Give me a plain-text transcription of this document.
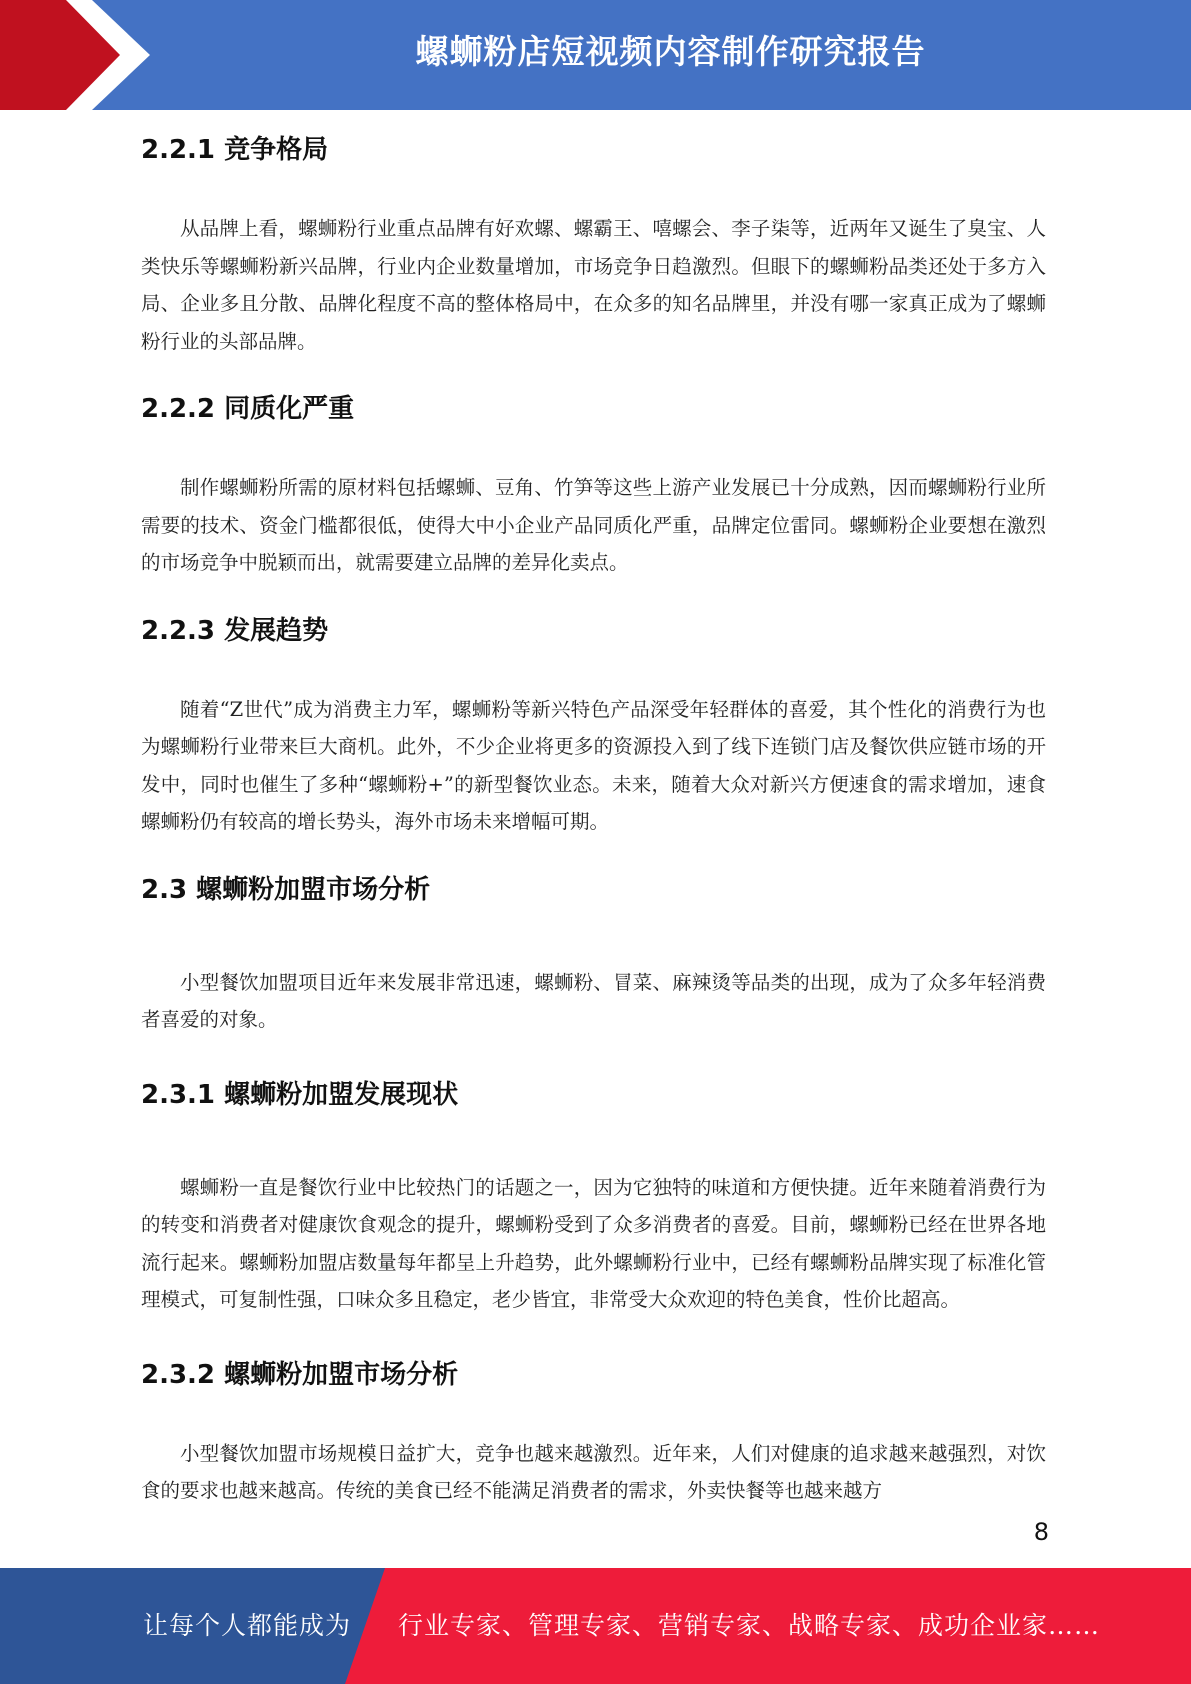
螺蛳粉店短视频内容制作研究报告
2.2.1 竞争格局

从品牌上看，螺蛳粉行业重点品牌有好欢螺、螺霸王、嘻螺会、李子柒等，近两年又诞生了臭宝、人类快乐等螺蛳粉新兴品牌，行业内企业数量增加，市场竞争日趋激烈。但眼下的螺蛳粉品类还处于多方入局、企业多且分散、品牌化程度不高的整体格局中，在众多的知名品牌里，并没有哪一家真正成为了螺蛳粉行业的头部品牌。

2.2.2 同质化严重

制作螺蛳粉所需的原材料包括螺蛳、豆角、竹笋等这些上游产业发展已十分成熟，因而螺蛳粉行业所需要的技术、资金门槛都很低，使得大中小企业产品同质化严重，品牌定位雷同。螺蛳粉企业要想在激烈的市场竞争中脱颖而出，就需要建立品牌的差异化卖点。

2.2.3 发展趋势

随着“Z世代”成为消费主力军，螺蛳粉等新兴特色产品深受年轻群体的喜爱，其个性化的消费行为也为螺蛳粉行业带来巨大商机。此外，不少企业将更多的资源投入到了线下连锁门店及餐饮供应链市场的开发中，同时也催生了多种“螺蛳粉+”的新型餐饮业态。未来，随着大众对新兴方便速食的需求增加，速食螺蛳粉仍有较高的增长势头，海外市场未来增幅可期。

2.3 螺蛳粉加盟市场分析

小型餐饮加盟项目近年来发展非常迅速，螺蛳粉、冒菜、麻辣烫等品类的出现，成为了众多年轻消费者喜爱的对象。

2.3.1 螺蛳粉加盟发展现状

螺蛳粉一直是餐饮行业中比较热门的话题之一，因为它独特的味道和方便快捷。近年来随着消费行为的转变和消费者对健康饮食观念的提升，螺蛳粉受到了众多消费者的喜爱。目前，螺蛳粉已经在世界各地流行起来。螺蛳粉加盟店数量每年都呈上升趋势，此外螺蛳粉行业中，已经有螺蛳粉品牌实现了标准化管理模式，可复制性强，口味众多且稳定，老少皆宜，非常受大众欢迎的特色美食，性价比超高。

2.3.2 螺蛳粉加盟市场分析

小型餐饮加盟市场规模日益扩大，竞争也越来越激烈。近年来，人们对健康的追求越来越强烈，对饮食的要求也越来越高。传统的美食已经不能满足消费者的需求，外卖快餐等也越来越方

8
让每个人都能成为 行业专家、管理专家、营销专家、战略专家、成功企业家……
